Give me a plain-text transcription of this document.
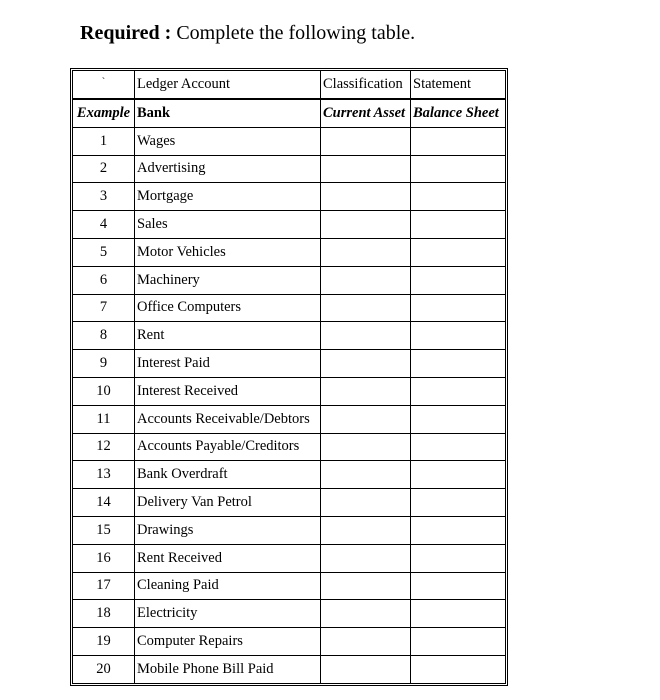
Required : Complete the following table.
`	Ledger Account	Classification	Statement
Example	Bank	Current Asset	Balance Sheet
1	Wages		
2	Advertising		
3	Mortgage		
4	Sales		
5	Motor Vehicles		
6	Machinery		
7	Office Computers		
8	Rent		
9	Interest Paid		
10	Interest Received		
11	Accounts Receivable/Debtors		
12	Accounts Payable/Creditors		
13	Bank Overdraft		
14	Delivery Van Petrol		
15	Drawings		
16	Rent Received		
17	Cleaning Paid		
18	Electricity		
19	Computer Repairs		
20	Mobile Phone Bill Paid		
